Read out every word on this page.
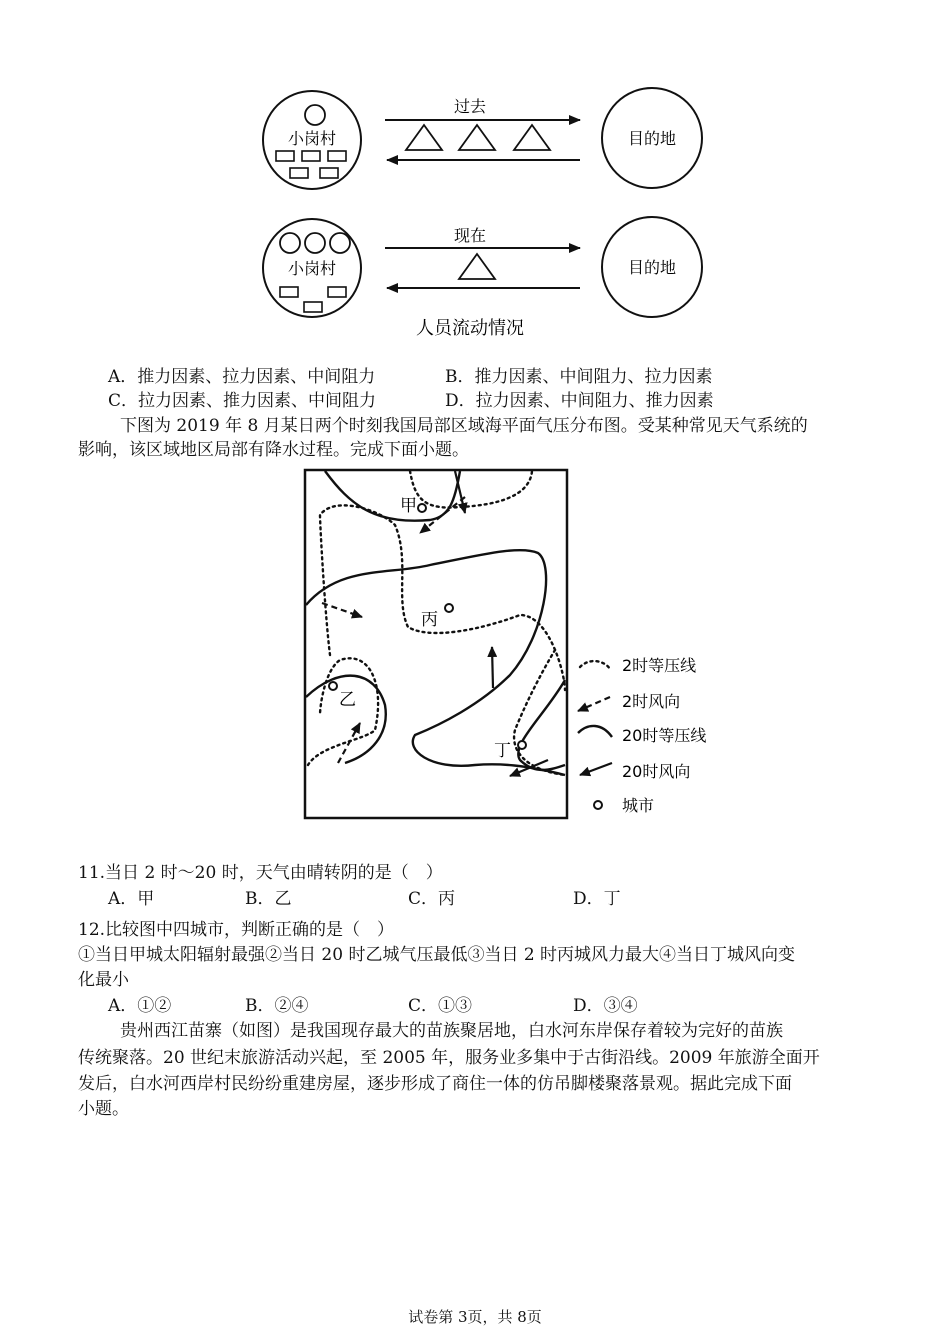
小岗村
过去
目的地
小岗村
现在
目的地
人员流动情况
A．推力因素、拉力因素、中间阻力	B．推力因素、中间阻力、拉力因素
C．拉力因素、推力因素、中间阻力	D．拉力因素、中间阻力、推力因素
下图为 2019 年 8 月某日两个时刻我国局部区域海平面气压分布图。受某种常见天气系统的
影响，该区域地区局部有降水过程。完成下面小题。
甲
丙
乙
丁
2时等压线
2时风向
20时等压线
20时风向
城市
11.当日 2 时～20 时，天气由晴转阴的是（　）
A．甲	B．乙	C．丙	D．丁
12.比较图中四城市，判断正确的是（　）
①当日甲城太阳辐射最强②当日 20 时乙城气压最低③当日 2 时丙城风力最大④当日丁城风向变
化最小
A．①②	B．②④	C．①③	D．③④
贵州西江苗寨（如图）是我国现存最大的苗族聚居地，白水河东岸保存着较为完好的苗族
传统聚落。20 世纪末旅游活动兴起，至 2005 年，服务业多集中于古街沿线。2009 年旅游全面开
发后，白水河西岸村民纷纷重建房屋，逐步形成了商住一体的仿吊脚楼聚落景观。据此完成下面
小题。
试卷第 3页，共 8页
